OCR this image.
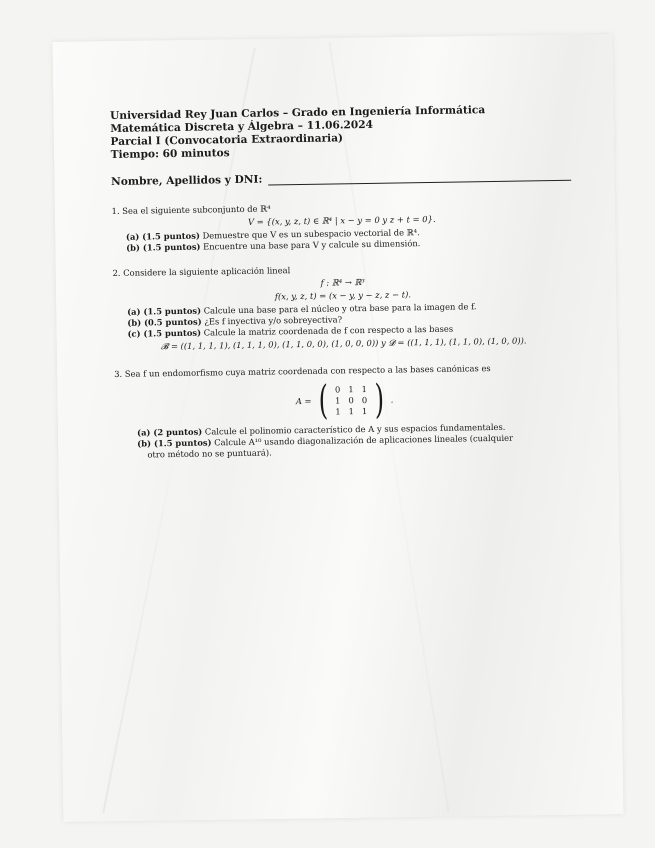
Universidad Rey Juan Carlos – Grado en Ingeniería Informática
Matemática Discreta y Álgebra – 11.06.2024
Parcial I (Convocatoria Extraordinaria)
Tiempo: 60 minutos
Nombre, Apellidos y DNI:
1. Sea el siguiente subconjunto de ℝ⁴
V = {(x, y, z, t) ∈ ℝ⁴ | x − y = 0 y z + t = 0}.
(a) (1.5 puntos) Demuestre que V es un subespacio vectorial de ℝ⁴.
(b) (1.5 puntos) Encuentre una base para V y calcule su dimensión.
2. Considere la siguiente aplicación lineal
f : ℝ⁴ → ℝ³
f(x, y, z, t) = (x − y, y − z, z − t).
(a) (1.5 puntos) Calcule una base para el núcleo y otra base para la imagen de f.
(b) (0.5 puntos) ¿Es f inyectiva y/o sobreyectiva?
(c) (1.5 puntos) Calcule la matriz coordenada de f con respecto a las bases
𝓑 = ((1, 1, 1, 1), (1, 1, 1, 0), (1, 1, 0, 0), (1, 0, 0, 0)) y 𝓓 = ((1, 1, 1), (1, 1, 0), (1, 0, 0)).
3. Sea f un endomorfismo cuya matriz coordenada con respecto a las bases canónicas es
A = ( 0	1	1
1	0	0
1	1	1 ) .
(a) (2 puntos) Calcule el polinomio característico de A y sus espacios fundamentales.
(b) (1.5 puntos) Calcule A¹⁰ usando diagonalización de aplicaciones lineales (cualquier
otro método no se puntuará).
